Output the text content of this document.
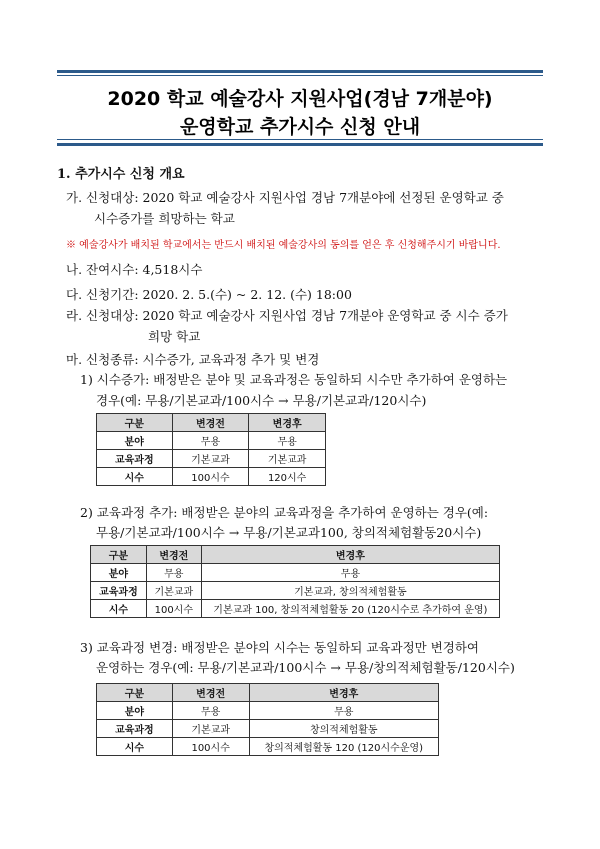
2020 학교 예술강사 지원사업(경남 7개분야)
운영학교 추가시수 신청 안내
1. 추가시수 신청 개요
가. 신청대상: 2020 학교 예술강사 지원사업 경남 7개분야에 선정된 운영학교 중
시수증가를 희망하는 학교
※ 예술강사가 배치된 학교에서는 반드시 배치된 예술강사의 동의를 얻은 후 신청해주시기 바랍니다.
나. 잔여시수: 4,518시수
다. 신청기간: 2020. 2. 5.(수) ~ 2. 12. (수) 18:00
라. 신청대상: 2020 학교 예술강사 지원사업 경남 7개분야 운영학교 중 시수 증가
희망 학교
마. 신청종류: 시수증가, 교육과정 추가 및 변경
1) 시수증가: 배정받은 분야 및 교육과정은 동일하되 시수만 추가하여 운영하는
경우(예: 무용/기본교과/100시수 → 무용/기본교과/120시수)
구분	변경전	변경후
분야	무용	무용
교육과정	기본교과	기본교과
시수	100시수	120시수
2) 교육과정 추가: 배정받은 분야의 교육과정을 추가하여 운영하는 경우(예:
무용/기본교과/100시수 → 무용/기본교과100, 창의적체험활동20시수)
구분	변경전	변경후
분야	무용	무용
교육과정	기본교과	기본교과, 창의적체험활동
시수	100시수	기본교과 100, 창의적체험활동 20 (120시수로 추가하여 운영)
3) 교육과정 변경: 배정받은 분야의 시수는 동일하되 교육과정만 변경하여
운영하는 경우(예: 무용/기본교과/100시수 → 무용/창의적체험활동/120시수)
구분	변경전	변경후
분야	무용	무용
교육과정	기본교과	창의적체험활동
시수	100시수	창의적체험활동 120 (120시수운영)
